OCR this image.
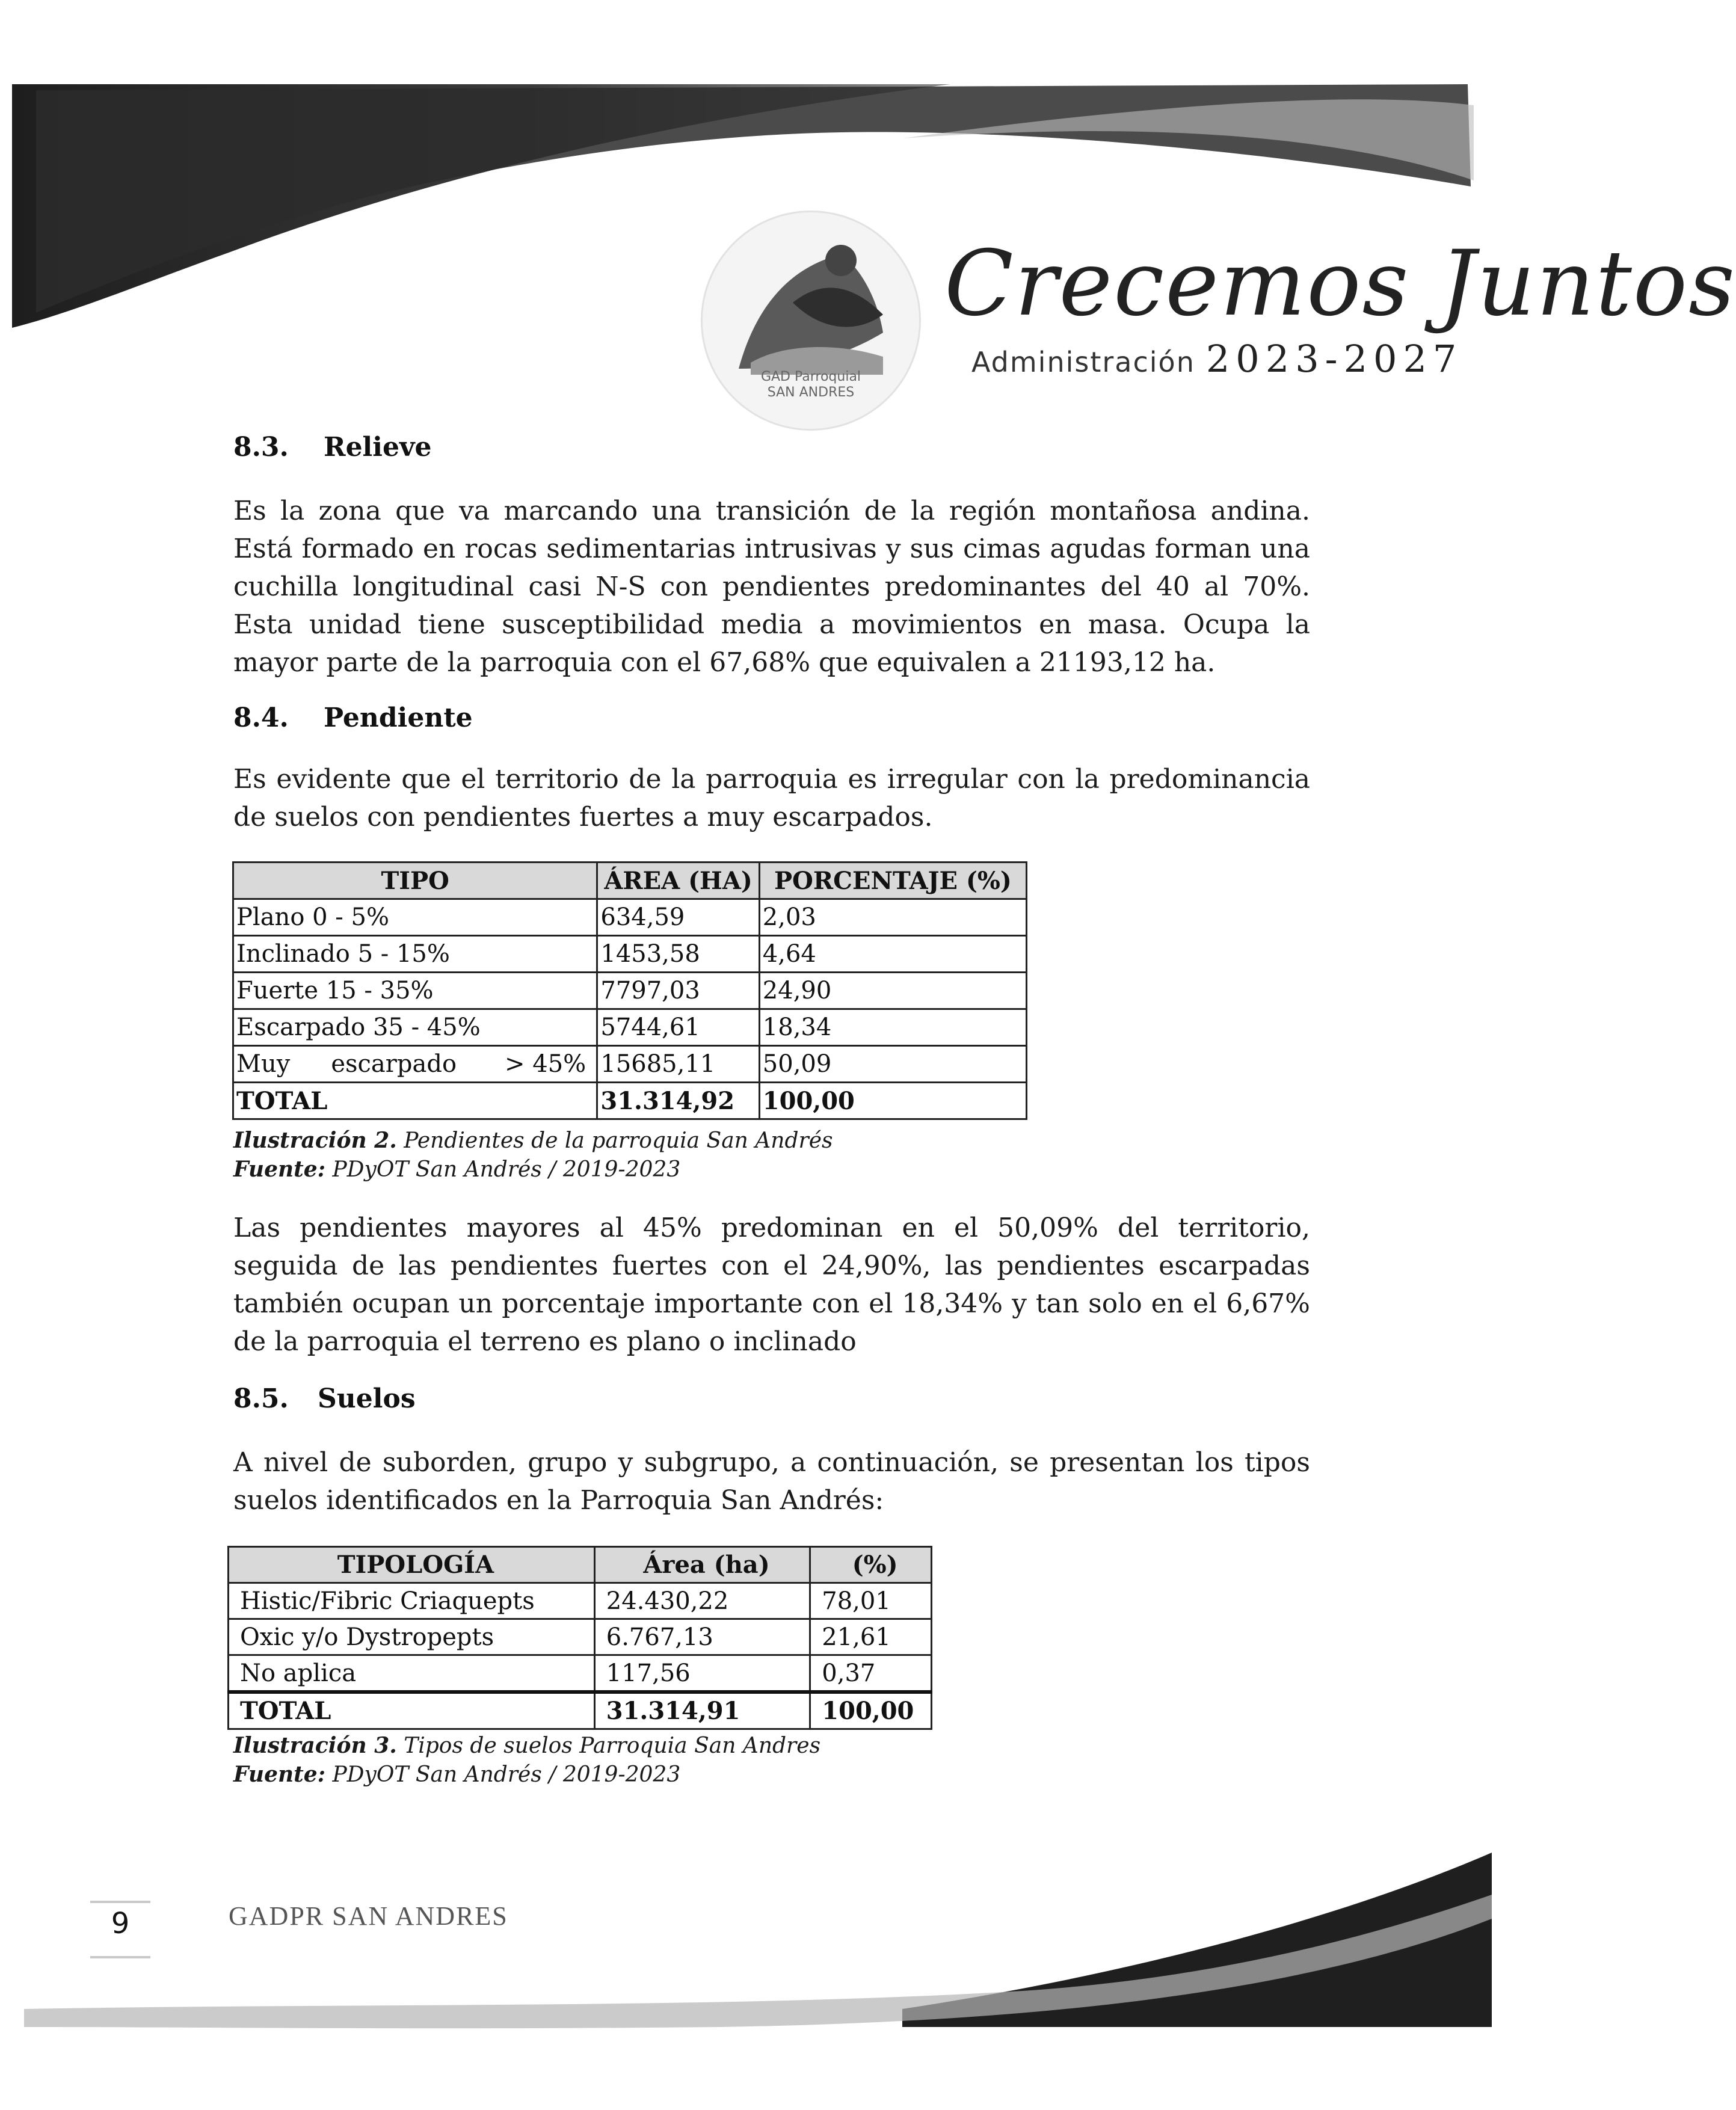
GAD Parroquial
SAN ANDRES
Crecemos Juntos
Administración 2023-2027
8.3. Relieve
Es la zona que va marcando una transición de la región montañosa andina. Está formado en rocas sedimentarias intrusivas y sus cimas agudas forman una cuchilla longitudinal casi N-S con pendientes predominantes del 40 al 70%. Esta unidad tiene susceptibilidad media a movimientos en masa. Ocupa la mayor parte de la parroquia con el 67,68% que equivalen a 21193,12 ha.
8.4. Pendiente
Es evidente que el territorio de la parroquia es irregular con la predominancia de suelos con pendientes fuertes a muy escarpados.
TIPO	ÁREA (HA)	PORCENTAJE (%)
Plano 0 - 5%	634,59	2,03
Inclinado 5 - 15%	1453,58	4,64
Fuerte 15 - 35%	7797,03	24,90
Escarpado 35 - 45%	5744,61	18,34
Muy escarpado > 45%	15685,11	50,09
TOTAL	31.314,92	100,00
Ilustración 2. Pendientes de la parroquia San Andrés
Fuente: PDyOT San Andrés / 2019-2023
Las pendientes mayores al 45% predominan en el 50,09% del territorio, seguida de las pendientes fuertes con el 24,90%, las pendientes escarpadas también ocupan un porcentaje importante con el 18,34% y tan solo en el 6,67% de la parroquia el terreno es plano o inclinado
8.5. Suelos
A nivel de suborden, grupo y subgrupo, a continuación, se presentan los tipos suelos identificados en la Parroquia San Andrés:
TIPOLOGÍA	Área (ha)	(%)
Histic/Fibric Criaquepts	24.430,22	78,01
Oxic y/o Dystropepts	6.767,13	21,61
No aplica	117,56	0,37
TOTAL	31.314,91	100,00
Ilustración 3. Tipos de suelos Parroquia San Andres
Fuente: PDyOT San Andrés / 2019-2023
9	GADPR SAN ANDRES
